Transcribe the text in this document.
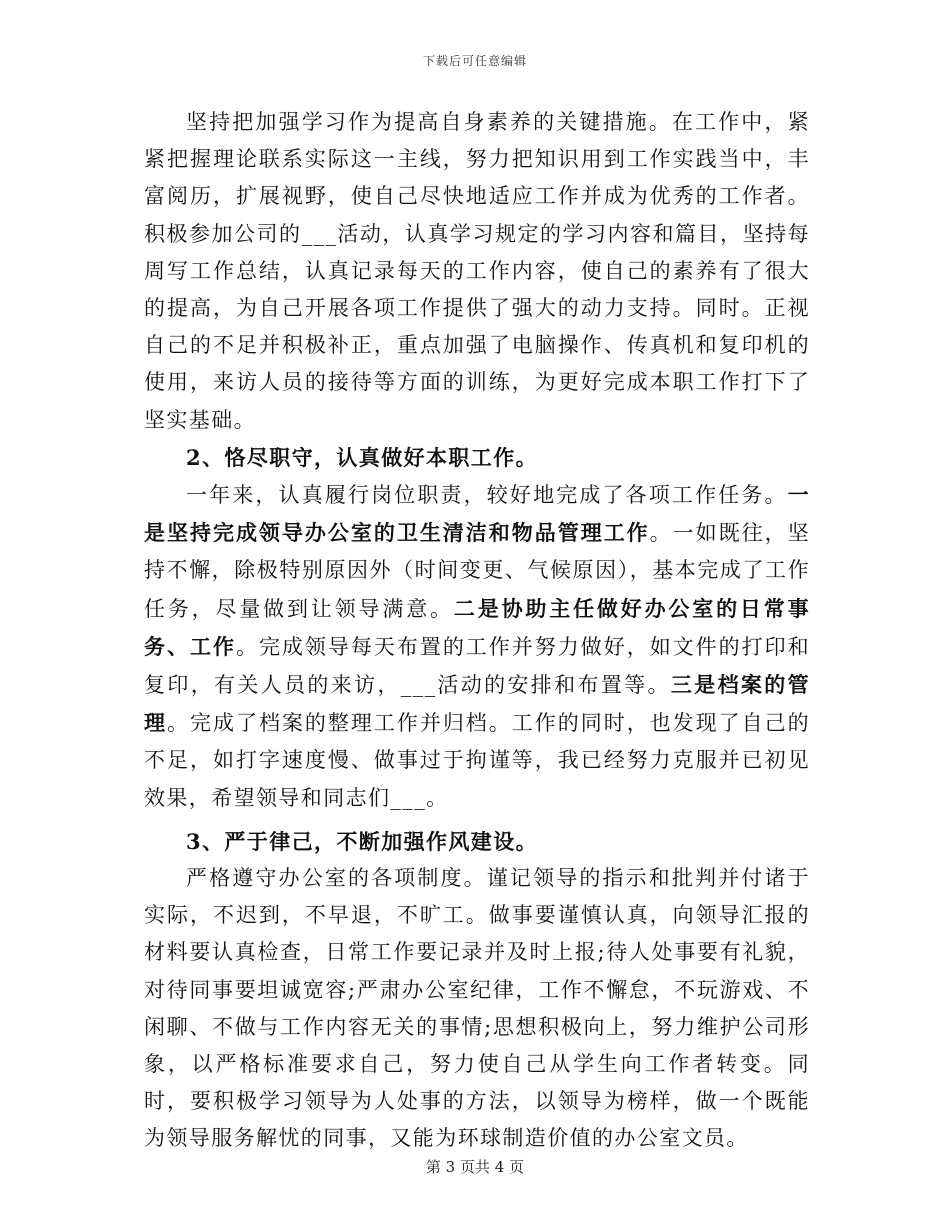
下载后可任意编辑

坚持把加强学习作为提高自身素养的关键措施。在工作中，紧紧把握理论联系实际这一主线，努力把知识用到工作实践当中，丰富阅历，扩展视野，使自己尽快地适应工作并成为优秀的工作者。积极参加公司的___活动，认真学习规定的学习内容和篇目，坚持每周写工作总结，认真记录每天的工作内容，使自己的素养有了很大的提高，为自己开展各项工作提供了强大的动力支持。同时。正视自己的不足并积极补正，重点加强了电脑操作、传真机和复印机的使用，来访人员的接待等方面的训练，为更好完成本职工作打下了坚实基础。

2、恪尽职守，认真做好本职工作。

一年来，认真履行岗位职责，较好地完成了各项工作任务。一是坚持完成领导办公室的卫生清洁和物品管理工作。一如既往，坚持不懈，除极特别原因外（时间变更、气候原因），基本完成了工作任务，尽量做到让领导满意。二是协助主任做好办公室的日常事务、工作。完成领导每天布置的工作并努力做好，如文件的打印和复印，有关人员的来访，___活动的安排和布置等。三是档案的管理。完成了档案的整理工作并归档。工作的同时，也发现了自己的不足，如打字速度慢、做事过于拘谨等，我已经努力克服并已初见效果，希望领导和同志们___。

3、严于律己，不断加强作风建设。

严格遵守办公室的各项制度。谨记领导的指示和批判并付诸于实际，不迟到，不早退，不旷工。做事要谨慎认真，向领导汇报的材料要认真检查，日常工作要记录并及时上报;待人处事要有礼貌，对待同事要坦诚宽容;严肃办公室纪律，工作不懈怠，不玩游戏、不闲聊、不做与工作内容无关的事情;思想积极向上，努力维护公司形象，以严格标准要求自己，努力使自己从学生向工作者转变。同时，要积极学习领导为人处事的方法，以领导为榜样，做一个既能为领导服务解忧的同事，又能为环球制造价值的办公室文员。

第 3 页共 4 页
